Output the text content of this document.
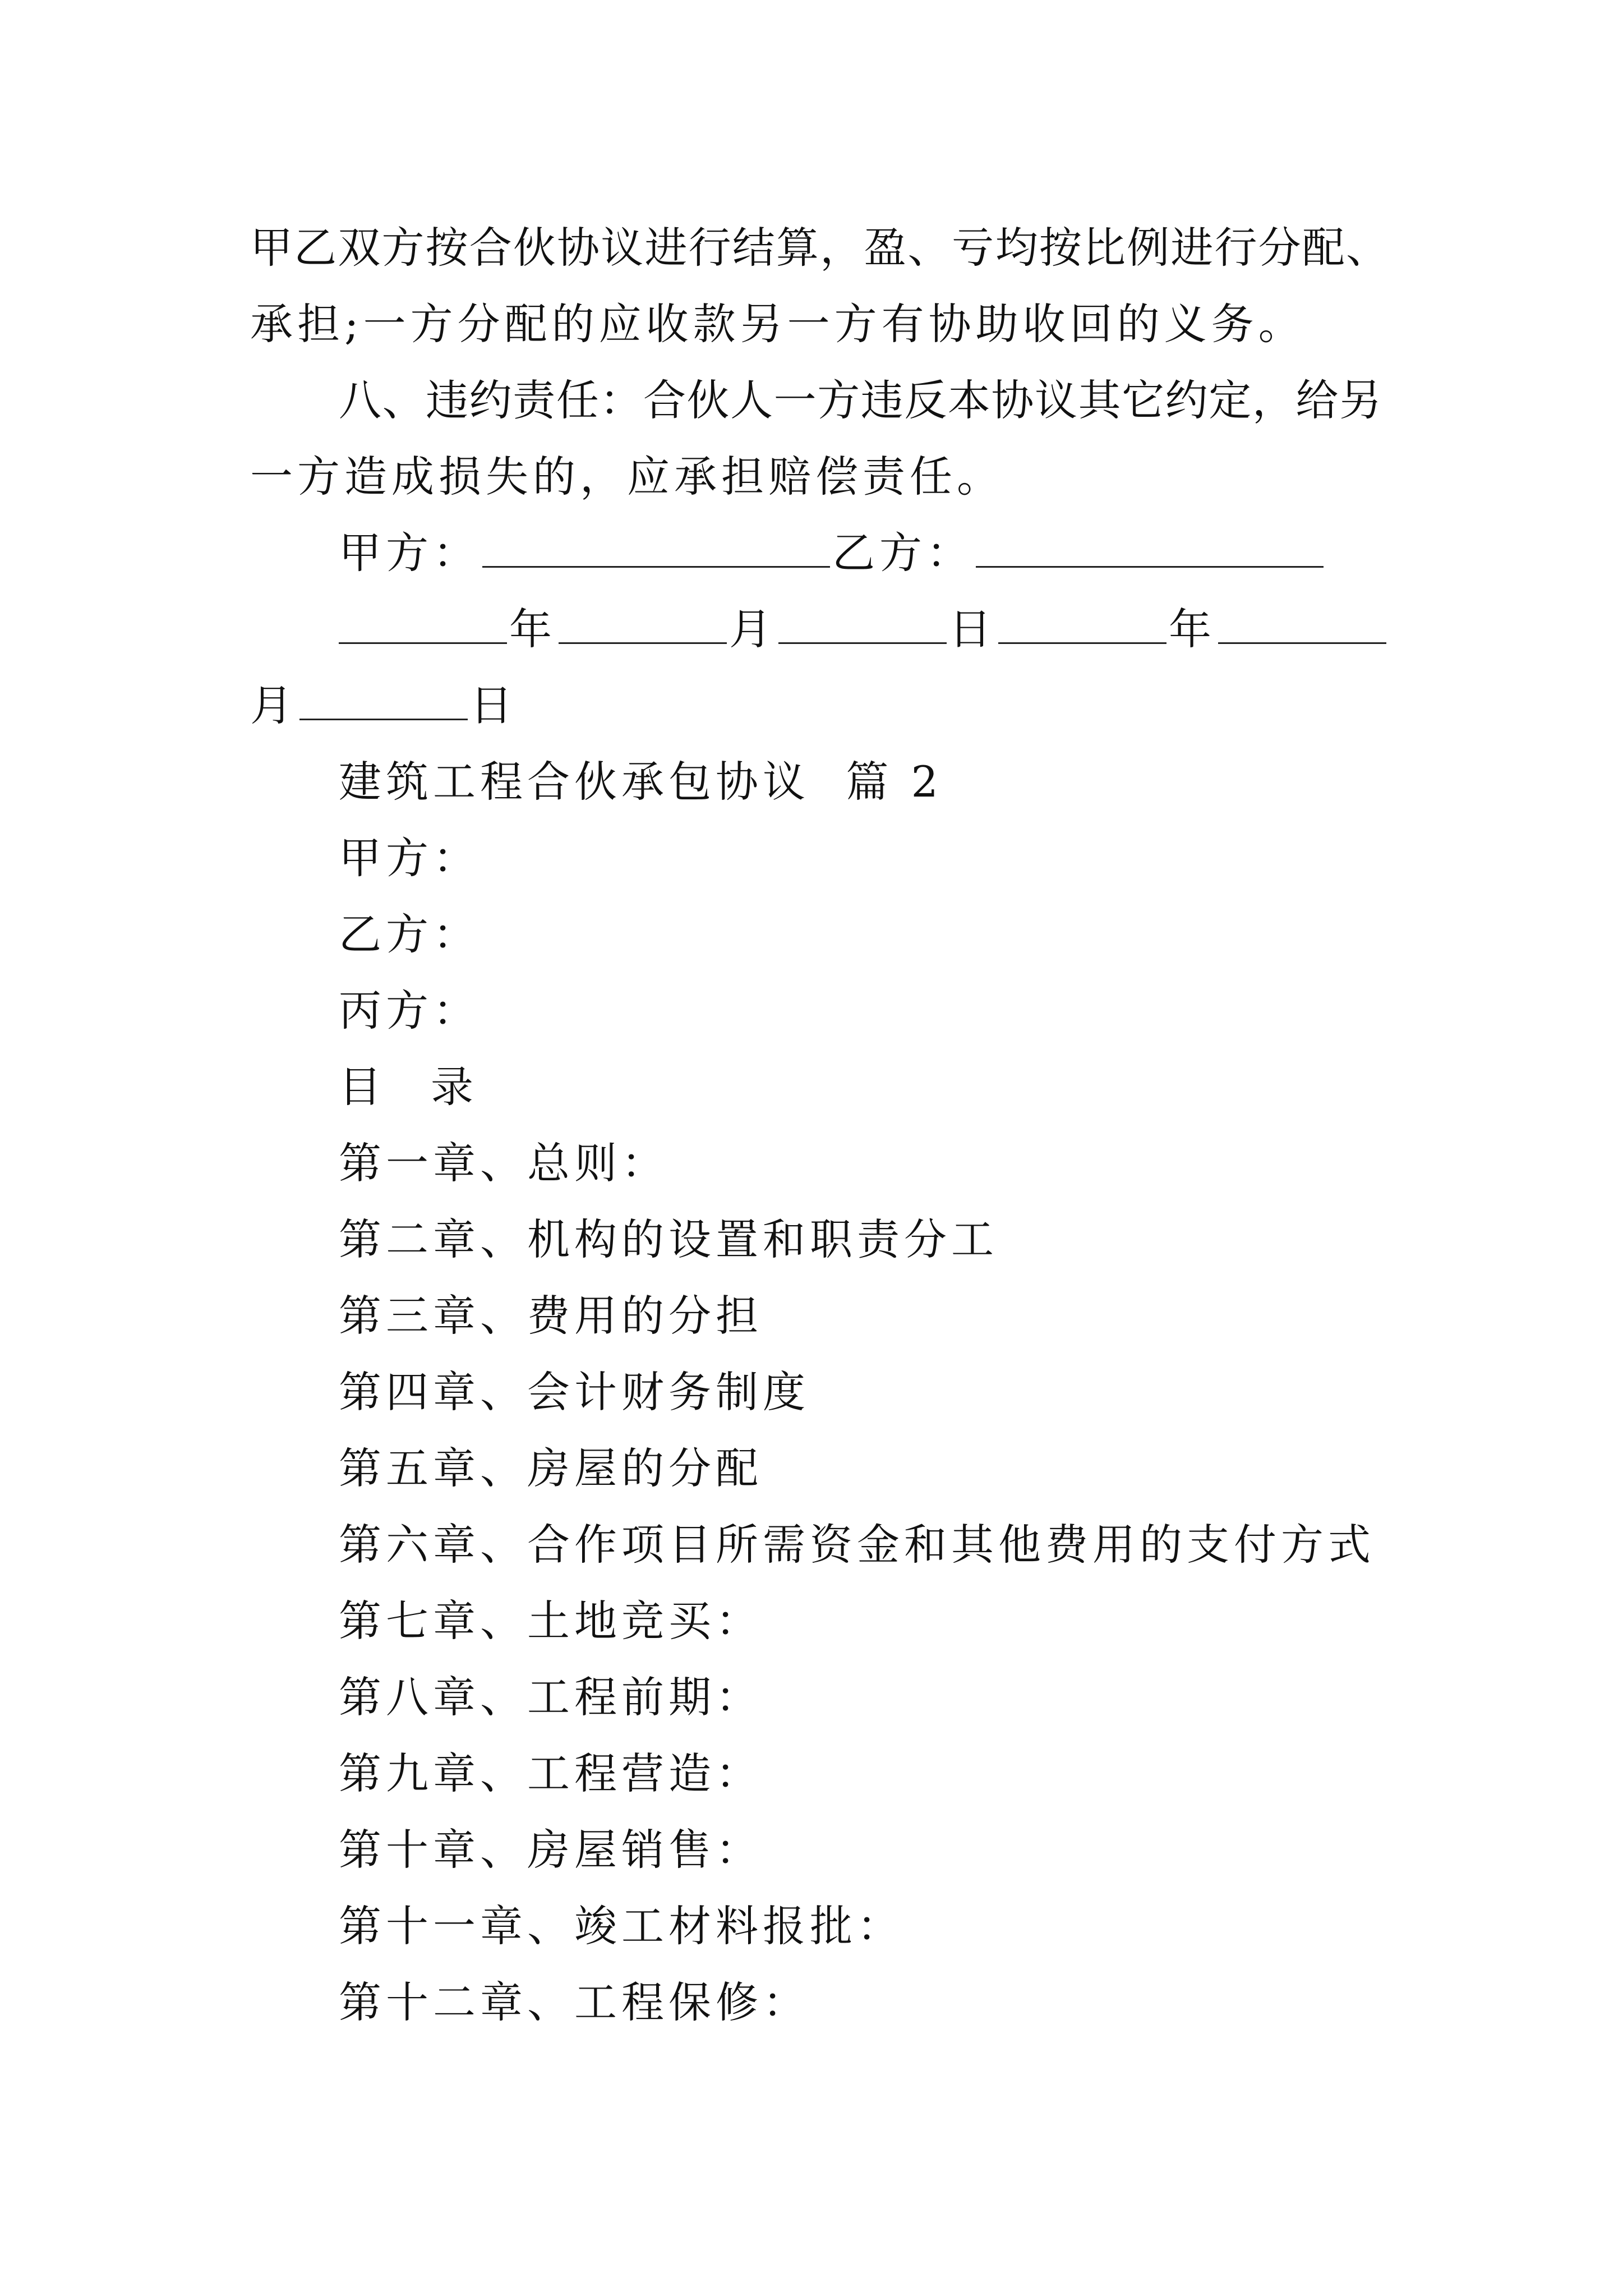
甲乙双方按合伙协议进行结算，盈、亏均按比例进行分配、
承担;一方分配的应收款另一方有协助收回的义务。
八、违约责任：合伙人一方违反本协议其它约定，给另
一方造成损失的，应承担赔偿责任。
甲方：	乙方：
年	月	日	年
月	日
建筑工程合伙承包协议  篇 2
甲方：
乙方：
丙方：
目 录
第一章、总则：
第二章、机构的设置和职责分工
第三章、费用的分担
第四章、会计财务制度
第五章、房屋的分配
第六章、合作项目所需资金和其他费用的支付方式
第七章、土地竞买：
第八章、工程前期：
第九章、工程营造：
第十章、房屋销售：
第十一章、竣工材料报批：
第十二章、工程保修：
